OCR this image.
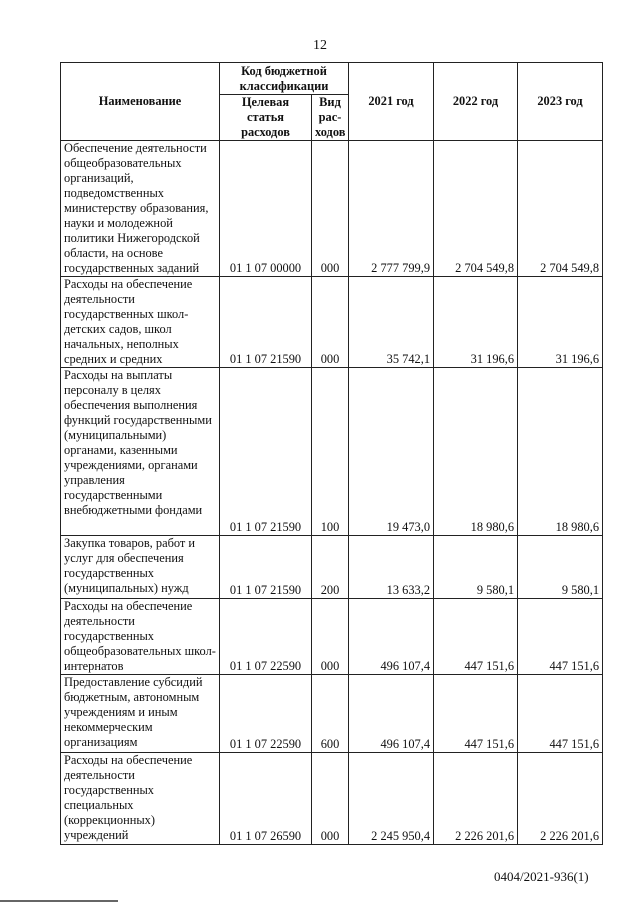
12
Наименование	Код бюджетной классификации		2021 год	2022 год	2023 год
	Целевая статья расходов	Вид рас-ходов			
Обеспечение деятельности общеобразовательных организаций, подведомственных министерству образования, науки и молодежной политики Нижегородской области, на основе государственных заданий	01 1 07 00000	000	2 777 799,9	2 704 549,8	2 704 549,8
Расходы на обеспечение деятельности государственных школ-детских садов, школ начальных, неполных средних и средних	01 1 07 21590	000	35 742,1	31 196,6	31 196,6
Расходы на выплаты персоналу в целях обеспечения выполнения функций государственными (муниципальными) органами, казенными учреждениями, органами управления государственными внебюджетными фондами	01 1 07 21590	100	19 473,0	18 980,6	18 980,6
Закупка товаров, работ и услуг для обеспечения государственных (муниципальных) нужд	01 1 07 21590	200	13 633,2	9 580,1	9 580,1
Расходы на обеспечение деятельности государственных общеобразовательных школ-интернатов	01 1 07 22590	000	496 107,4	447 151,6	447 151,6
Предоставление субсидий бюджетным, автономным учреждениям и иным некоммерческим организациям	01 1 07 22590	600	496 107,4	447 151,6	447 151,6
Расходы на обеспечение деятельности государственных специальных (коррекционных) учреждений	01 1 07 26590	000	2 245 950,4	2 226 201,6	2 226 201,6
0404/2021-936(1)
